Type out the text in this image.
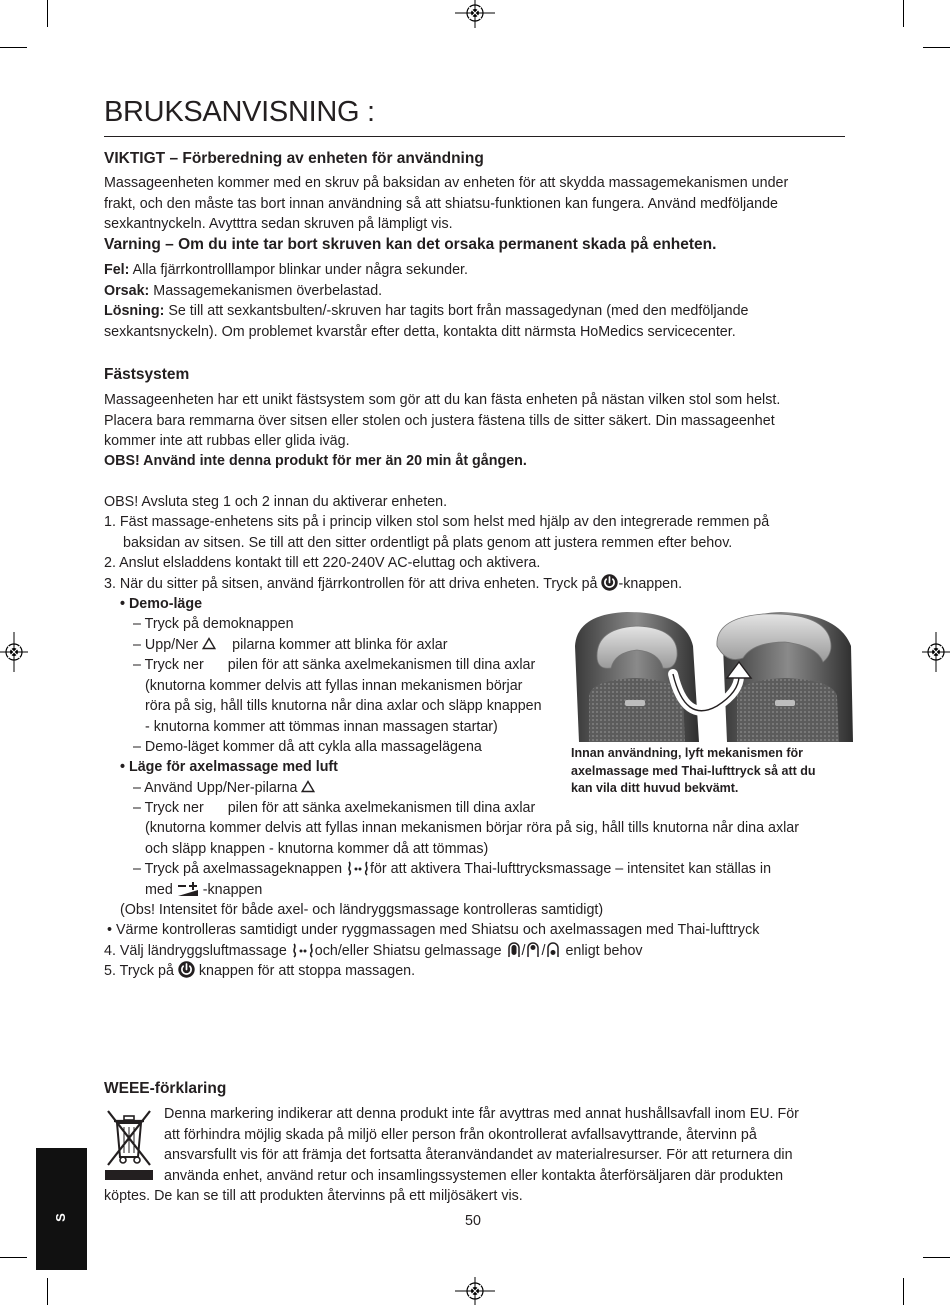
BRUKSANVISNING :
VIKTIGT – Förberedning av enheten för användning
Massageenheten kommer med en skruv på baksidan av enheten för att skydda massagemekanismen under
frakt, och den måste tas bort innan användning så att shiatsu-funktionen kan fungera. Använd medföljande
sexkantnyckeln. Avytttra sedan skruven på lämpligt vis.
Varning – Om du inte tar bort skruven kan det orsaka permanent skada på enheten.
Fel: Alla fjärrkontrolllampor blinkar under några sekunder.
Orsak: Massagemekanismen överbelastad.
Lösning: Se till att sexkantsbulten/-skruven har tagits bort från massagedynan (med den medföljande
sexkantsnyckeln). Om problemet kvarstår efter detta, kontakta ditt närmsta HoMedics servicecenter.
Fästsystem
Massageenheten har ett unikt fästsystem som gör att du kan fästa enheten på nästan vilken stol som helst.
Placera bara remmarna över sitsen eller stolen och justera fästena tills de sitter säkert. Din massageenhet
kommer inte att rubbas eller glida iväg.
OBS! Använd inte denna produkt för mer än 20 min åt gången.
OBS! Avsluta steg 1 och 2 innan du aktiverar enheten.
1. Fäst massage-enhetens sits på i princip vilken stol som helst med hjälp av den integrerade remmen på
baksidan av sitsen. Se till att den sitter ordentligt på plats genom att justera remmen efter behov.
2. Anslut elsladdens kontakt till ett 220-240V AC-eluttag och aktivera.
3. När du sitter på sitsen, använd fjärrkontrollen för att driva enheten. Tryck på -knappen.
• Demo-läge
– Tryck på demoknappen
– Upp/Ner pilarna kommer att blinka för axlar
– Tryck ner pilen för att sänka axelmekanismen till dina axlar
(knutorna kommer delvis att fyllas innan mekanismen börjar
röra på sig, håll tills knutorna når dina axlar och släpp knappen
- knutorna kommer att tömmas innan massagen startar)
– Demo-läget kommer då att cykla alla massagelägena
• Läge för axelmassage med luft
– Använd Upp/Ner-pilarna
– Tryck ner pilen för att sänka axelmekanismen till dina axlar
(knutorna kommer delvis att fyllas innan mekanismen börjar röra på sig, håll tills knutorna når dina axlar
och släpp knappen - knutorna kommer då att tömmas)
– Tryck på axelmassageknappen för att aktivera Thai-lufttrycksmassage – intensitet kan ställas in
med  -knappen
(Obs! Intensitet för både axel- och ländryggsmassage kontrolleras samtidigt)
• Värme kontrolleras samtidigt under ryggmassagen med Shiatsu och axelmassagen med Thai-lufttryck
4. Välj ländryggsluftmassage och/eller Shiatsu gelmassage / / enligt behov
5. Tryck på  knappen för att stoppa massagen.
Innan användning, lyft mekanismen för
axelmassage med Thai-lufttryck så att du
kan vila ditt huvud bekvämt.
WEEE-förklaring
Denna markering indikerar att denna produkt inte får avyttras med annat hushållsavfall inom EU. För
att förhindra möjlig skada på miljö eller person från okontrollerat avfallsavyttrande, återvinn på
ansvarsfullt vis för att främja det fortsatta återanvändandet av materialresurser. För att returnera din
använda enhet, använd retur och insamlingssystemen eller kontakta återförsäljaren där produkten
köptes. De kan se till att produkten återvinns på ett miljösäkert vis.
50
S
